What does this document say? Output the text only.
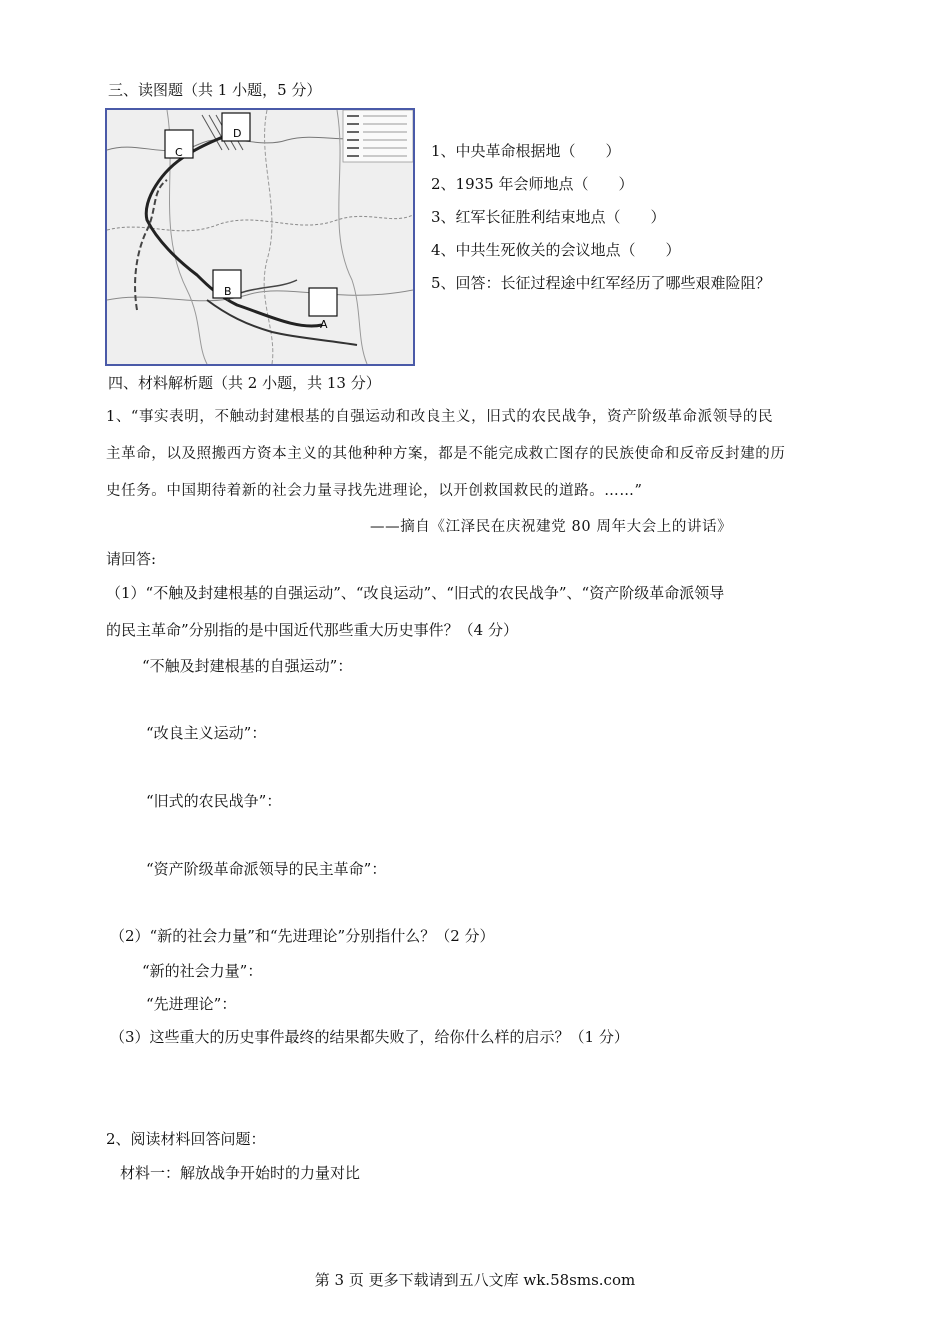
三、读图题（共 1 小题，5 分）
C
D
B
A
1、中央革命根据地（　　）
2、1935 年会师地点（　　）
3、红军长征胜利结束地点（　　）
4、中共生死攸关的会议地点（　　）
5、回答：长征过程途中红军经历了哪些艰难险阻？
四、材料解析题（共 2 小题，共 13 分）
1、“事实表明，不触动封建根基的自强运动和改良主义，旧式的农民战争，资产阶级革命派领导的民
主革命，以及照搬西方资本主义的其他种种方案，都是不能完成救亡图存的民族使命和反帝反封建的历
史任务。中国期待着新的社会力量寻找先进理论，以开创救国救民的道路。……”
——摘自《江泽民在庆祝建党 80 周年大会上的讲话》
请回答:
（1）“不触及封建根基的自强运动”、“改良运动”、“旧式的农民战争”、“资产阶级革命派领导
的民主革命”分别指的是中国近代那些重大历史事件？（4 分）
“不触及封建根基的自强运动”：
“改良主义运动”：
“旧式的农民战争”：
“资产阶级革命派领导的民主革命”：
（2）“新的社会力量”和“先进理论”分别指什么？（2 分）
“新的社会力量”：
“先进理论”：
（3）这些重大的历史事件最终的结果都失败了，给你什么样的启示？（1 分）
2、阅读材料回答问题：
材料一：解放战争开始时的力量对比
第 3 页 更多下载请到五八文库 wk.58sms.com
